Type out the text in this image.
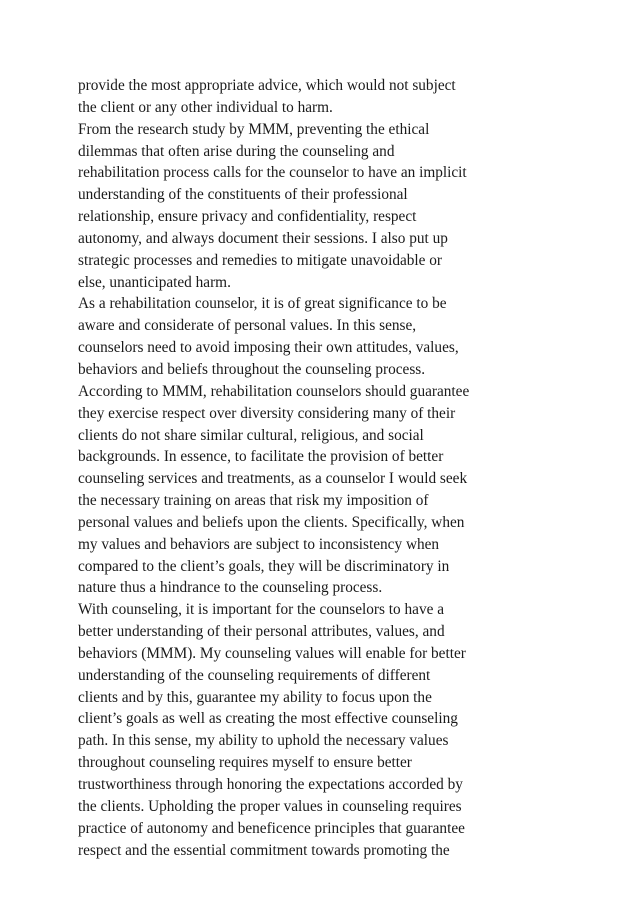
provide the most appropriate advice, which would not subject
the client or any other individual to harm.
From the research study by MMM, preventing the ethical
dilemmas that often arise during the counseling and
rehabilitation process calls for the counselor to have an implicit
understanding of the constituents of their professional
relationship, ensure privacy and confidentiality, respect
autonomy, and always document their sessions. I also put up
strategic processes and remedies to mitigate unavoidable or
else, unanticipated harm.
As a rehabilitation counselor, it is of great significance to be
aware and considerate of personal values. In this sense,
counselors need to avoid imposing their own attitudes, values,
behaviors and beliefs throughout the counseling process.
According to MMM, rehabilitation counselors should guarantee
they exercise respect over diversity considering many of their
clients do not share similar cultural, religious, and social
backgrounds. In essence, to facilitate the provision of better
counseling services and treatments, as a counselor I would seek
the necessary training on areas that risk my imposition of
personal values and beliefs upon the clients. Specifically, when
my values and behaviors are subject to inconsistency when
compared to the client’s goals, they will be discriminatory in
nature thus a hindrance to the counseling process.
With counseling, it is important for the counselors to have a
better understanding of their personal attributes, values, and
behaviors (MMM). My counseling values will enable for better
understanding of the counseling requirements of different
clients and by this, guarantee my ability to focus upon the
client’s goals as well as creating the most effective counseling
path. In this sense, my ability to uphold the necessary values
throughout counseling requires myself to ensure better
trustworthiness through honoring the expectations accorded by
the clients. Upholding the proper values in counseling requires
practice of autonomy and beneficence principles that guarantee
respect and the essential commitment towards promoting the
